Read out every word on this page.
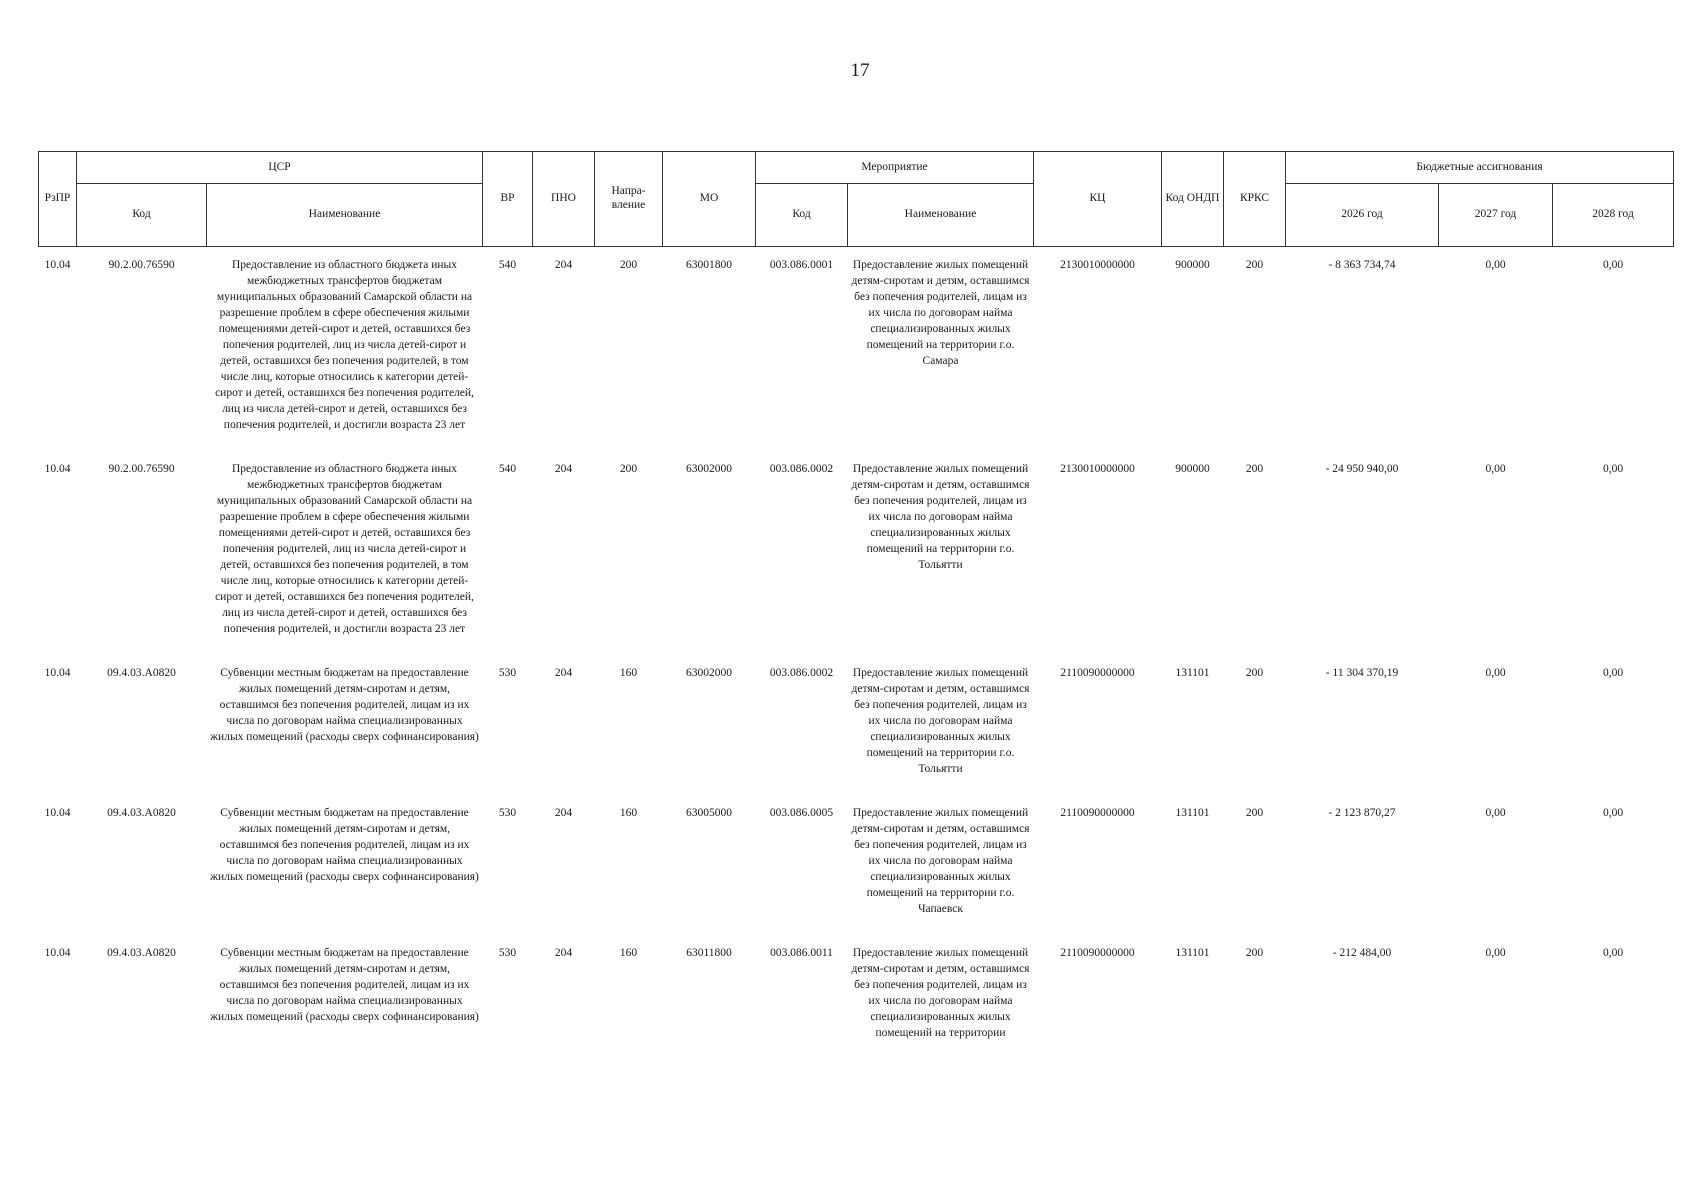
17
РзПР	ЦСР		ВР	ПНО	Напра-вление	МО	Мероприятие		КЦ	Код ОНДП	КРКС	Бюджетные ассигнования		
	Код	Наименование					Код	Наименование				2026 год	2027 год	2028 год
10.04	90.2.00.76590	Предоставление из областного бюджета иных межбюджетных трансфертов бюджетам муниципальных образований Самарской области на разрешение проблем в сфере обеспечения жилыми помещениями детей-сирот и детей, оставшихся без попечения родителей, лиц из числа детей-сирот и детей, оставшихся без попечения родителей, в том числе лиц, которые относились к категории детей-сирот и детей, оставшихся без попечения родителей, лиц из числа детей-сирот и детей, оставшихся без попечения родителей, и достигли возраста 23 лет	540	204	200	63001800	003.086.0001	Предоставление жилых помещений детям-сиротам и детям, оставшимся без попечения родителей, лицам из их числа по договорам найма специализированных жилых помещений на территории г.о. Самара	2130010000000	900000	200	- 8 363 734,74	0,00	0,00
10.04	90.2.00.76590	Предоставление из областного бюджета иных межбюджетных трансфертов бюджетам муниципальных образований Самарской области на разрешение проблем в сфере обеспечения жилыми помещениями детей-сирот и детей, оставшихся без попечения родителей, лиц из числа детей-сирот и детей, оставшихся без попечения родителей, в том числе лиц, которые относились к категории детей-сирот и детей, оставшихся без попечения родителей, лиц из числа детей-сирот и детей, оставшихся без попечения родителей, и достигли возраста 23 лет	540	204	200	63002000	003.086.0002	Предоставление жилых помещений детям-сиротам и детям, оставшимся без попечения родителей, лицам из их числа по договорам найма специализированных жилых помещений на территории г.о. Тольятти	2130010000000	900000	200	- 24 950 940,00	0,00	0,00
10.04	09.4.03.A0820	Субвенции местным бюджетам на предоставление жилых помещений детям-сиротам и детям, оставшимся без попечения родителей, лицам из их числа по договорам найма специализированных жилых помещений (расходы сверх софинансирования)	530	204	160	63002000	003.086.0002	Предоставление жилых помещений детям-сиротам и детям, оставшимся без попечения родителей, лицам из их числа по договорам найма специализированных жилых помещений на территории г.о. Тольятти	2110090000000	131101	200	- 11 304 370,19	0,00	0,00
10.04	09.4.03.A0820	Субвенции местным бюджетам на предоставление жилых помещений детям-сиротам и детям, оставшимся без попечения родителей, лицам из их числа по договорам найма специализированных жилых помещений (расходы сверх софинансирования)	530	204	160	63005000	003.086.0005	Предоставление жилых помещений детям-сиротам и детям, оставшимся без попечения родителей, лицам из их числа по договорам найма специализированных жилых помещений на территории г.о. Чапаевск	2110090000000	131101	200	- 2 123 870,27	0,00	0,00
10.04	09.4.03.A0820	Субвенции местным бюджетам на предоставление жилых помещений детям-сиротам и детям, оставшимся без попечения родителей, лицам из их числа по договорам найма специализированных жилых помещений (расходы сверх софинансирования)	530	204	160	63011800	003.086.0011	Предоставление жилых помещений детям-сиротам и детям, оставшимся без попечения родителей, лицам из их числа по договорам найма специализированных жилых помещений на территории	2110090000000	131101	200	- 212 484,00	0,00	0,00
